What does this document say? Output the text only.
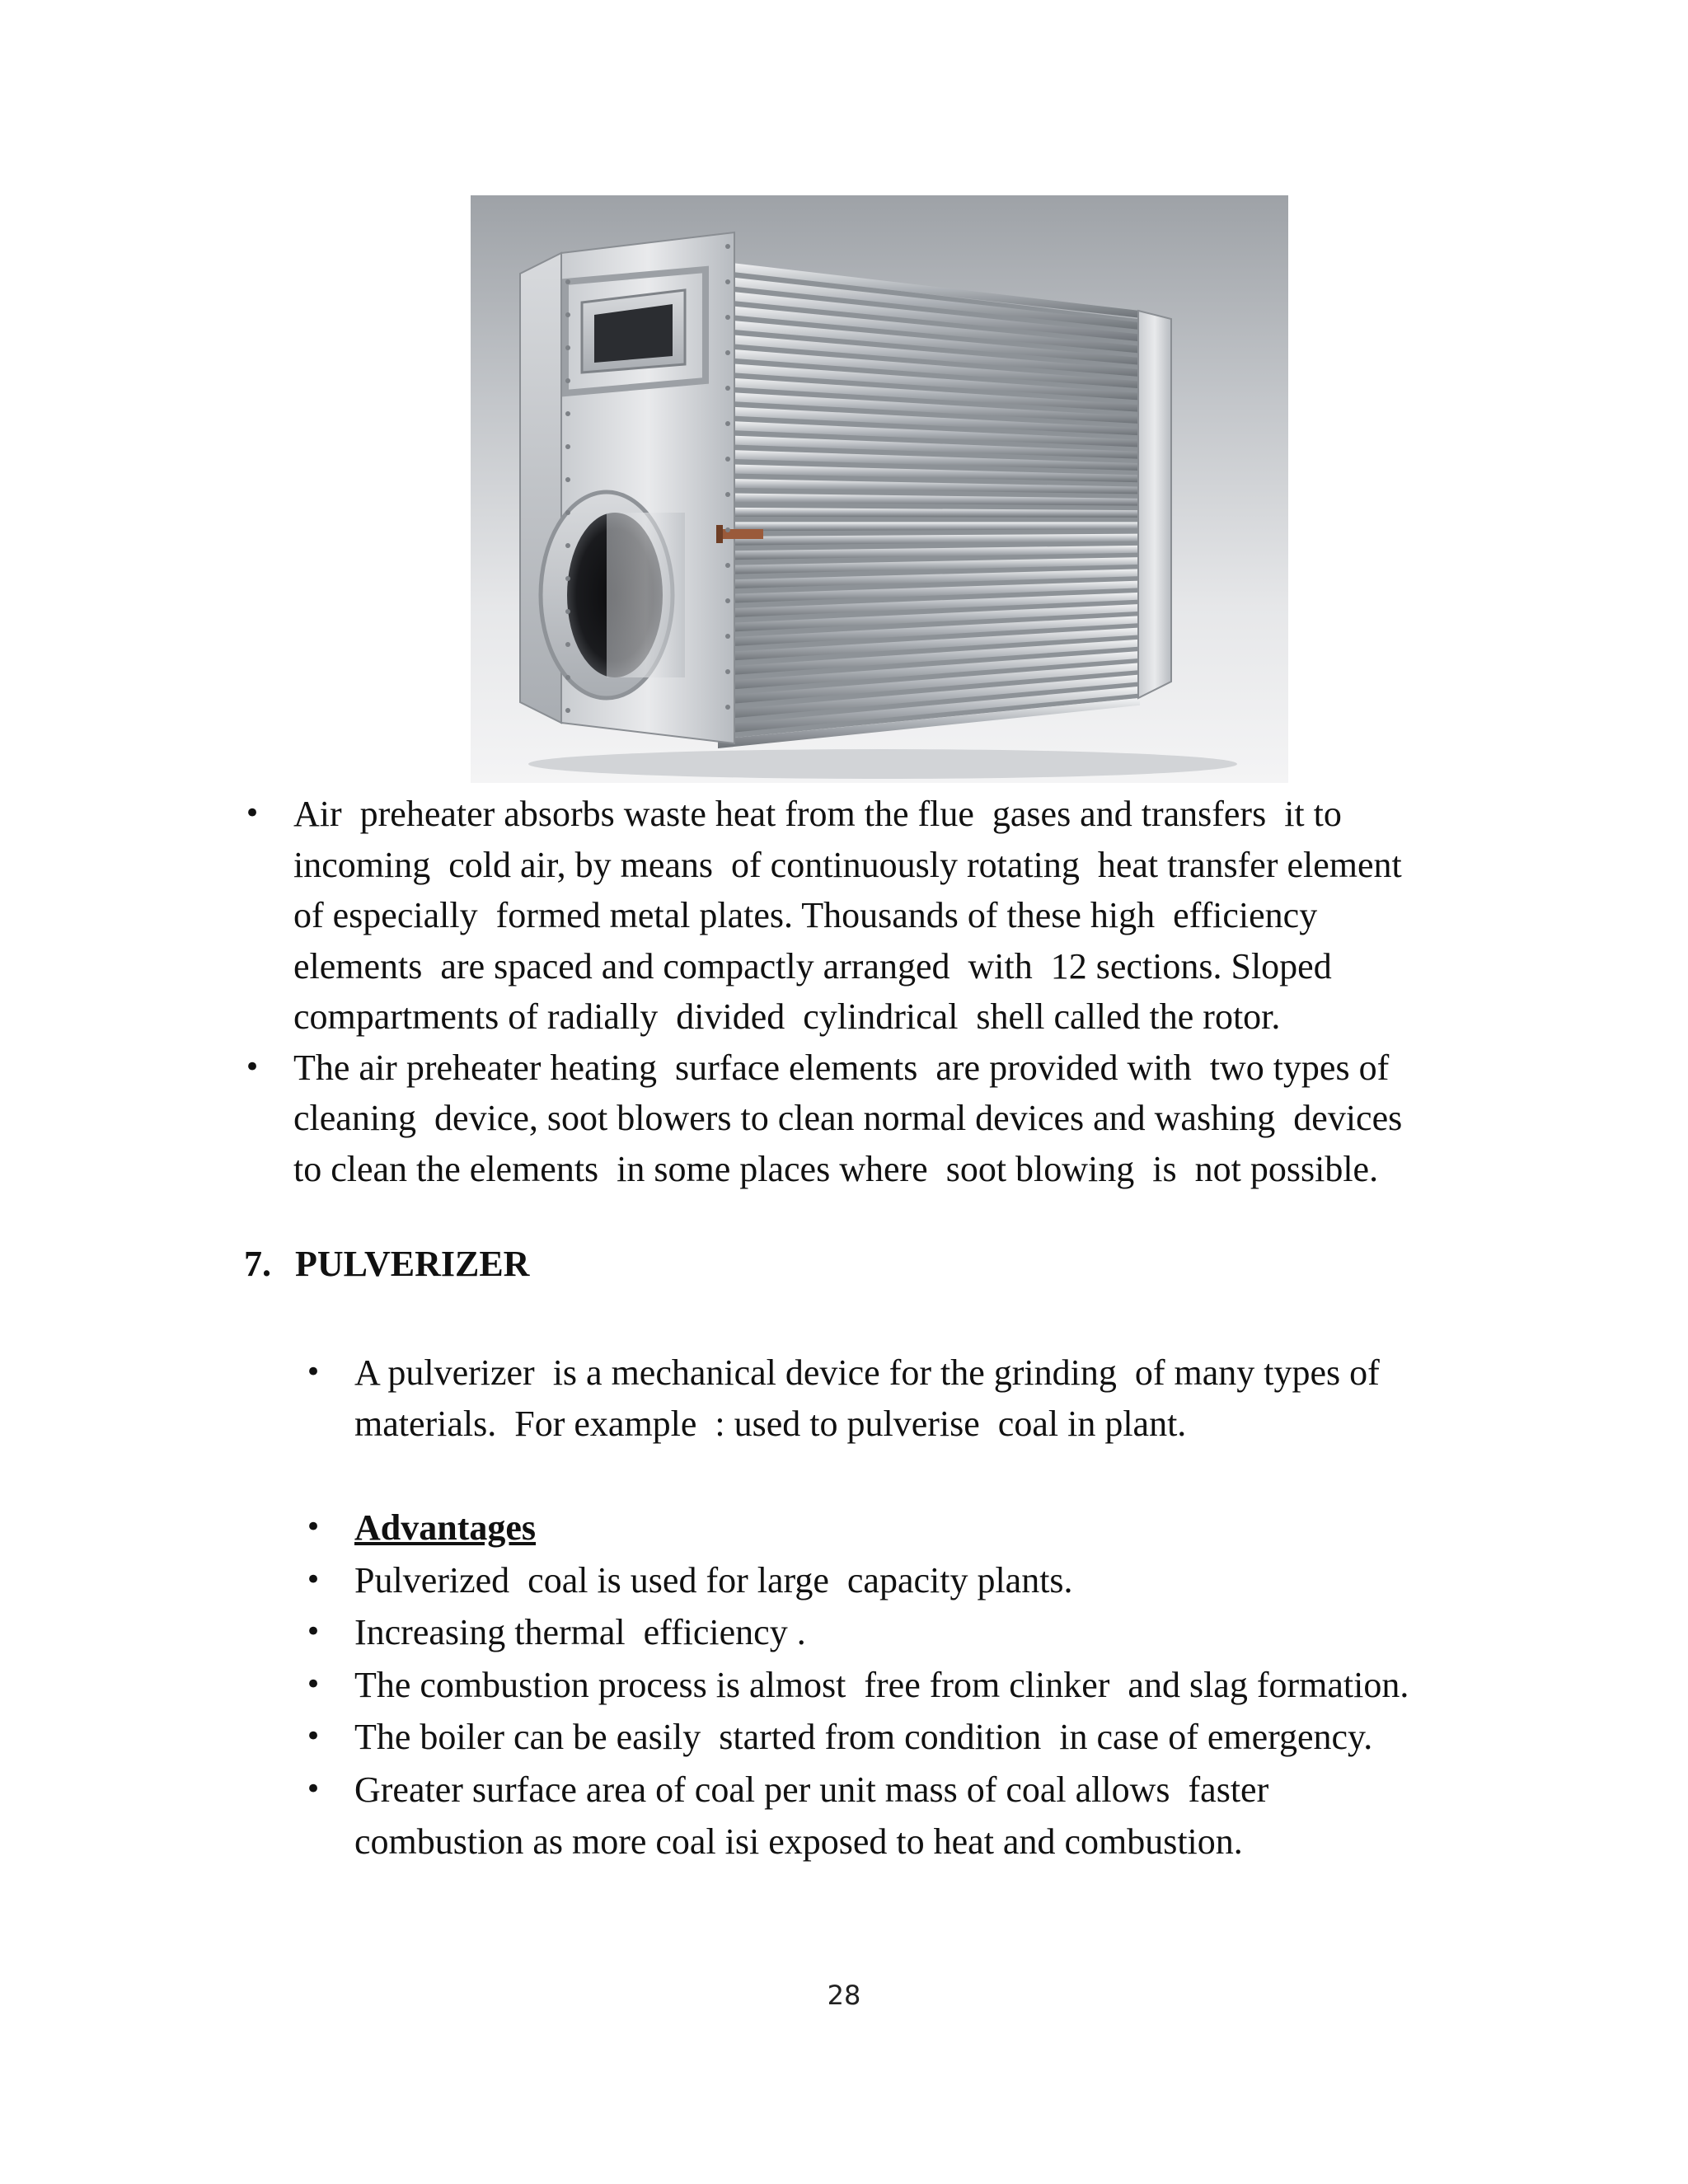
• Air  preheater absorbs waste heat from the flue  gases and transfers  it to
incoming  cold air, by means  of continuously rotating  heat transfer element
of especially  formed metal plates. Thousands of these high  efficiency
elements  are spaced and compactly arranged  with  12 sections. Sloped
compartments of radially  divided  cylindrical  shell called the rotor.
• The air preheater heating  surface elements  are provided with  two types of
cleaning  device, soot blowers to clean normal devices and washing  devices
to clean the elements  in some places where  soot blowing  is  not possible.
7. PULVERIZER
• A pulverizer  is a mechanical device for the grinding  of many types of
materials.  For example  : used to pulverise  coal in plant.
• Advantages
• Pulverized  coal is used for large  capacity plants.
• Increasing thermal  efficiency .
• The combustion process is almost  free from clinker  and slag formation.
• The boiler can be easily  started from condition  in case of emergency.
• Greater surface area of coal per unit mass of coal allows  faster
combustion as more coal isi exposed to heat and combustion.
28
